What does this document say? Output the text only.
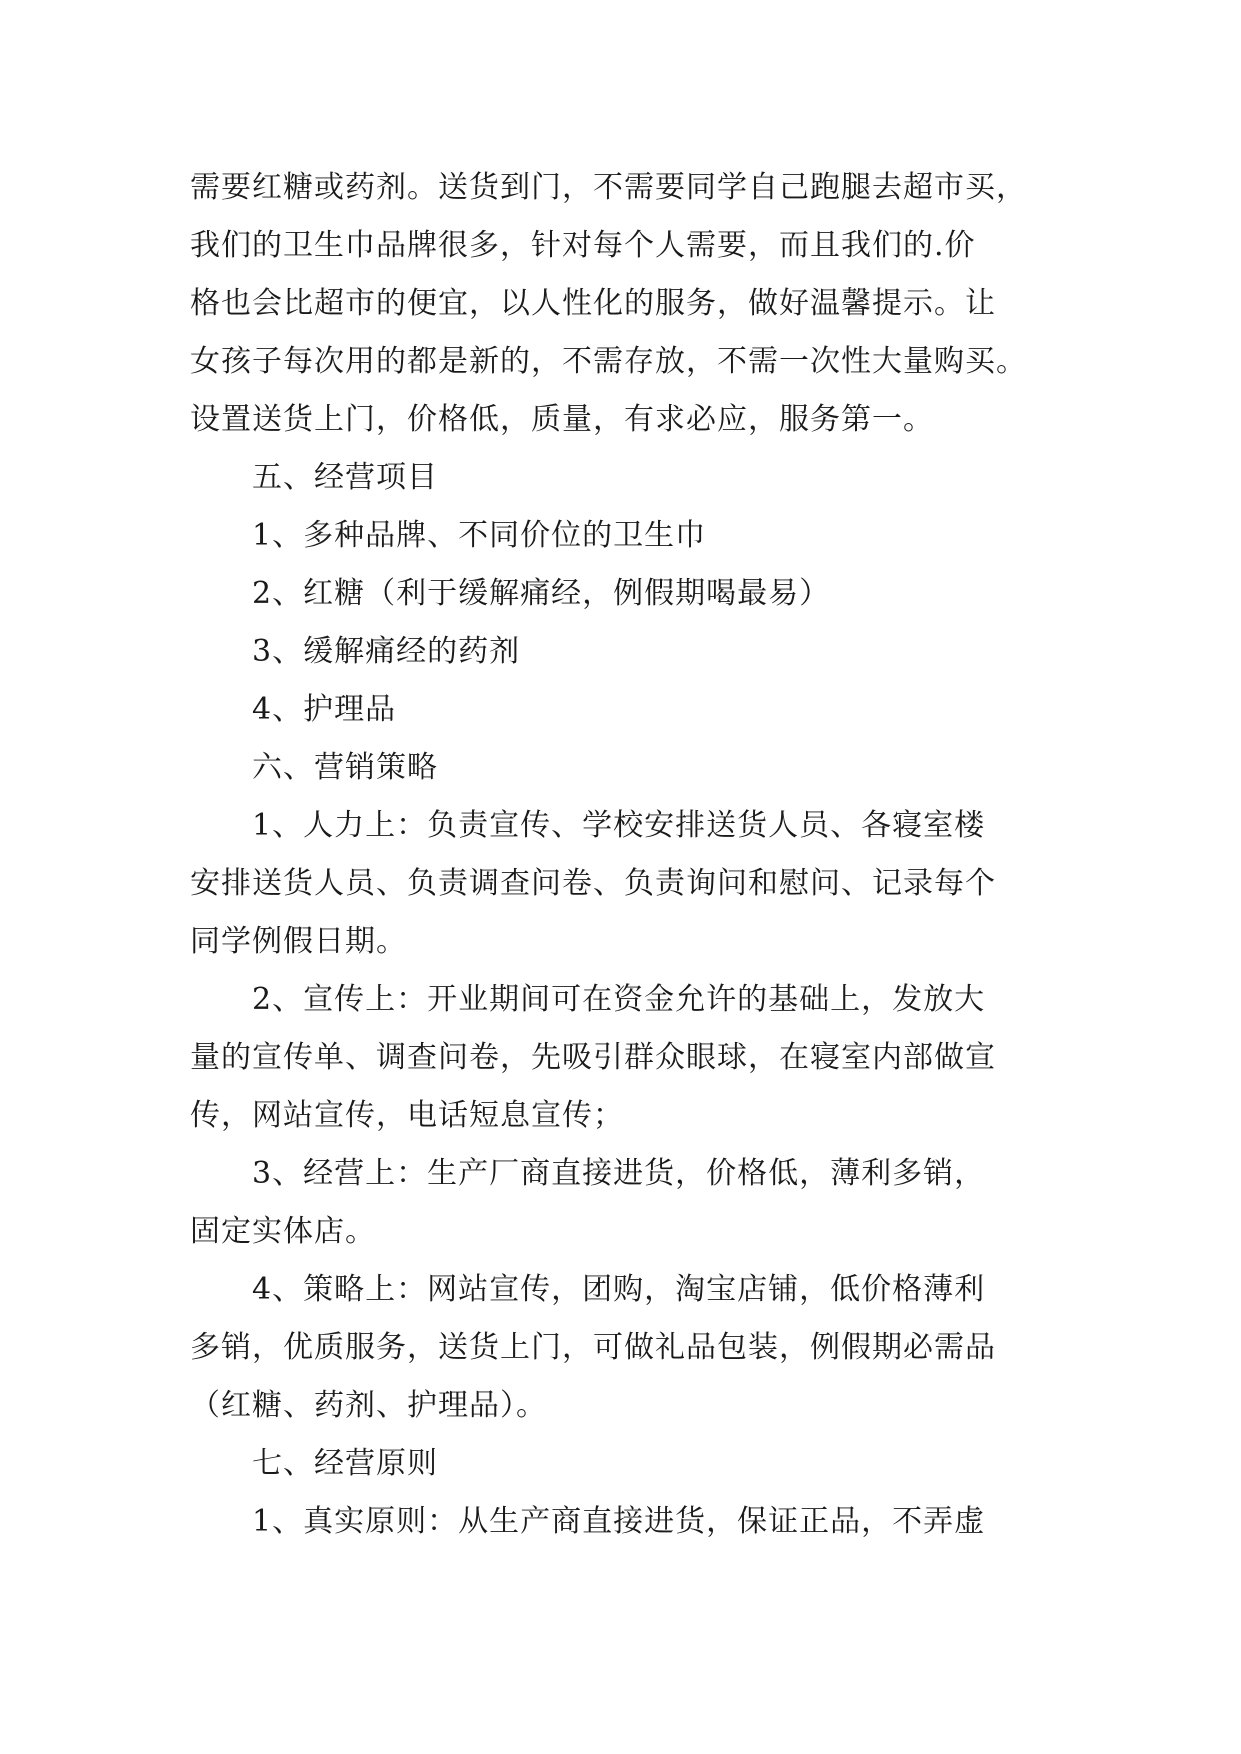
需要红糖或药剂。送货到门，不需要同学自己跑腿去超市买，
我们的卫生巾品牌很多，针对每个人需要，而且我们的.价
格也会比超市的便宜，以人性化的服务，做好温馨提示。让
女孩子每次用的都是新的，不需存放，不需一次性大量购买。
设置送货上门，价格低，质量，有求必应，服务第一。
五、经营项目
1、多种品牌、不同价位的卫生巾
2、红糖（利于缓解痛经，例假期喝最易）
3、缓解痛经的药剂
4、护理品
六、营销策略
1、人力上：负责宣传、学校安排送货人员、各寝室楼
安排送货人员、负责调查问卷、负责询问和慰问、记录每个
同学例假日期。
2、宣传上：开业期间可在资金允许的基础上，发放大
量的宣传单、调查问卷，先吸引群众眼球，在寝室内部做宣
传，网站宣传，电话短息宣传；
3、经营上：生产厂商直接进货，价格低，薄利多销，
固定实体店。
4、策略上：网站宣传，团购，淘宝店铺，低价格薄利
多销，优质服务，送货上门，可做礼品包装，例假期必需品
（红糖、药剂、护理品）。
七、经营原则
1、真实原则：从生产商直接进货，保证正品，不弄虚
